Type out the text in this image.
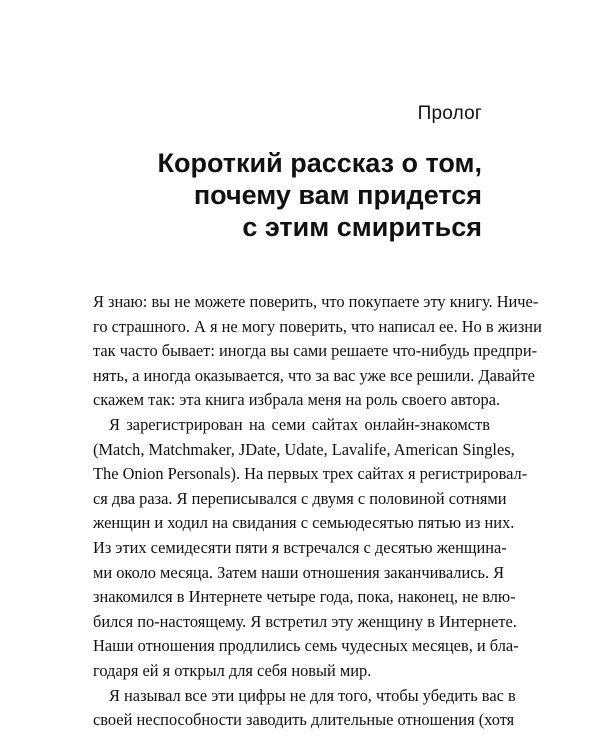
Пролог
Короткий рассказ о том,
почему вам придется
с этим смириться
Я знаю: вы не можете поверить, что покупаете эту книгу. Ниче-
го страшного. А я не могу поверить, что написал ее. Но в жизни
так часто бывает: иногда вы сами решаете что-нибудь предпри-
нять, а иногда оказывается, что за вас уже все решили. Давайте
скажем так: эта книга избрала меня на роль своего автора.
Я зарегистрирован на семи сайтах онлайн-знакомств
(Match, Matchmaker, JDate, Udate, Lavalife, American Singles,
The Onion Personals). На первых трех сайтах я регистрировал-
ся два раза. Я переписывался с двумя с половиной сотнями
женщин и ходил на свидания с семьюдесятью пятью из них.
Из этих семидесяти пяти я встречался с десятью женщина-
ми около месяца. Затем наши отношения заканчивались. Я
знакомился в Интернете четыре года, пока, наконец, не влю-
бился по-настоящему. Я встретил эту женщину в Интернете.
Наши отношения продлились семь чудесных месяцев, и бла-
годаря ей я открыл для себя новый мир.
Я называл все эти цифры не для того, чтобы убедить вас в
своей неспособности заводить длительные отношения (хотя
